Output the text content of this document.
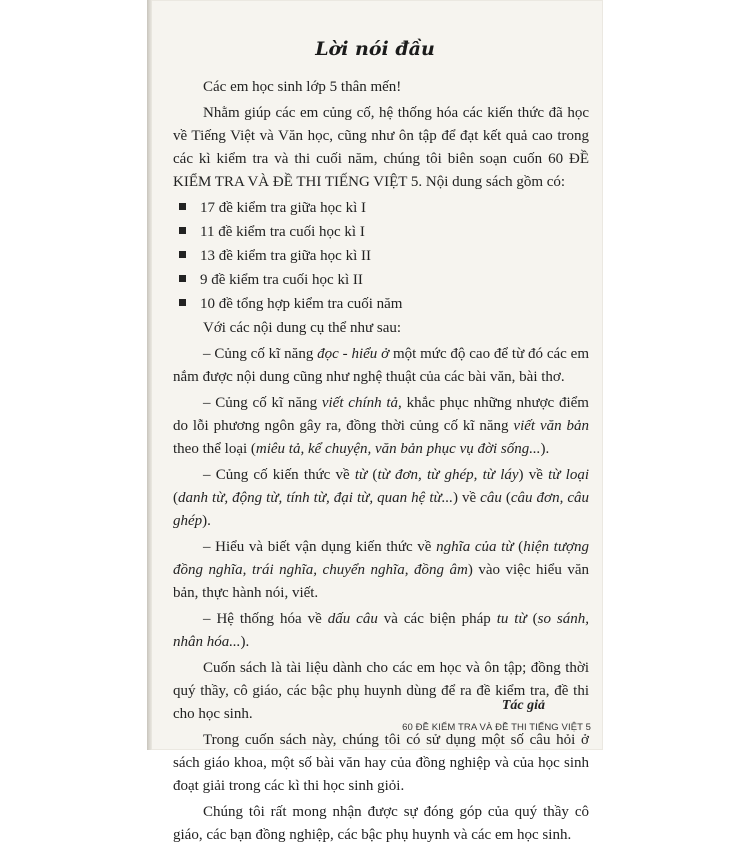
Lời nói đầu

Các em học sinh lớp 5 thân mến!

Nhằm giúp các em củng cố, hệ thống hóa các kiến thức đã học về Tiếng Việt và Văn học, cũng như ôn tập để đạt kết quả cao trong các kì kiểm tra và thi cuối năm, chúng tôi biên soạn cuốn 60 ĐỀ KIỂM TRA VÀ ĐỀ THI TIẾNG VIỆT 5. Nội dung sách gồm có:

17 đề kiểm tra giữa học kì I
11 đề kiểm tra cuối học kì I
13 đề kiểm tra giữa học kì II
9 đề kiểm tra cuối học kì II
10 đề tổng hợp kiểm tra cuối năm

Với các nội dung cụ thể như sau:

– Củng cố kĩ năng đọc - hiểu ở một mức độ cao để từ đó các em nắm được nội dung cũng như nghệ thuật của các bài văn, bài thơ.

– Củng cố kĩ năng viết chính tả, khắc phục những nhược điểm do lỗi phương ngôn gây ra, đồng thời củng cố kĩ năng viết văn bản theo thể loại (miêu tả, kể chuyện, văn bản phục vụ đời sống...).

– Củng cố kiến thức về từ (từ đơn, từ ghép, từ láy) về từ loại (danh từ, động từ, tính từ, đại từ, quan hệ từ...) về câu (câu đơn, câu ghép).

– Hiểu và biết vận dụng kiến thức về nghĩa của từ (hiện tượng đồng nghĩa, trái nghĩa, chuyển nghĩa, đồng âm) vào việc hiểu văn bản, thực hành nói, viết.

– Hệ thống hóa về dấu câu và các biện pháp tu từ (so sánh, nhân hóa...).

Cuốn sách là tài liệu dành cho các em học và ôn tập; đồng thời quý thầy, cô giáo, các bậc phụ huynh dùng để ra đề kiểm tra, đề thi cho học sinh.

Trong cuốn sách này, chúng tôi có sử dụng một số câu hỏi ở sách giáo khoa, một số bài văn hay của đồng nghiệp và của học sinh đoạt giải trong các kì thi học sinh giỏi.

Chúng tôi rất mong nhận được sự đóng góp của quý thầy cô giáo, các bạn đồng nghiệp, các bậc phụ huynh và các em học sinh.

Tác giả
60 ĐỀ KIỂM TRA VÀ ĐỀ THI TIẾNG VIỆT 5
